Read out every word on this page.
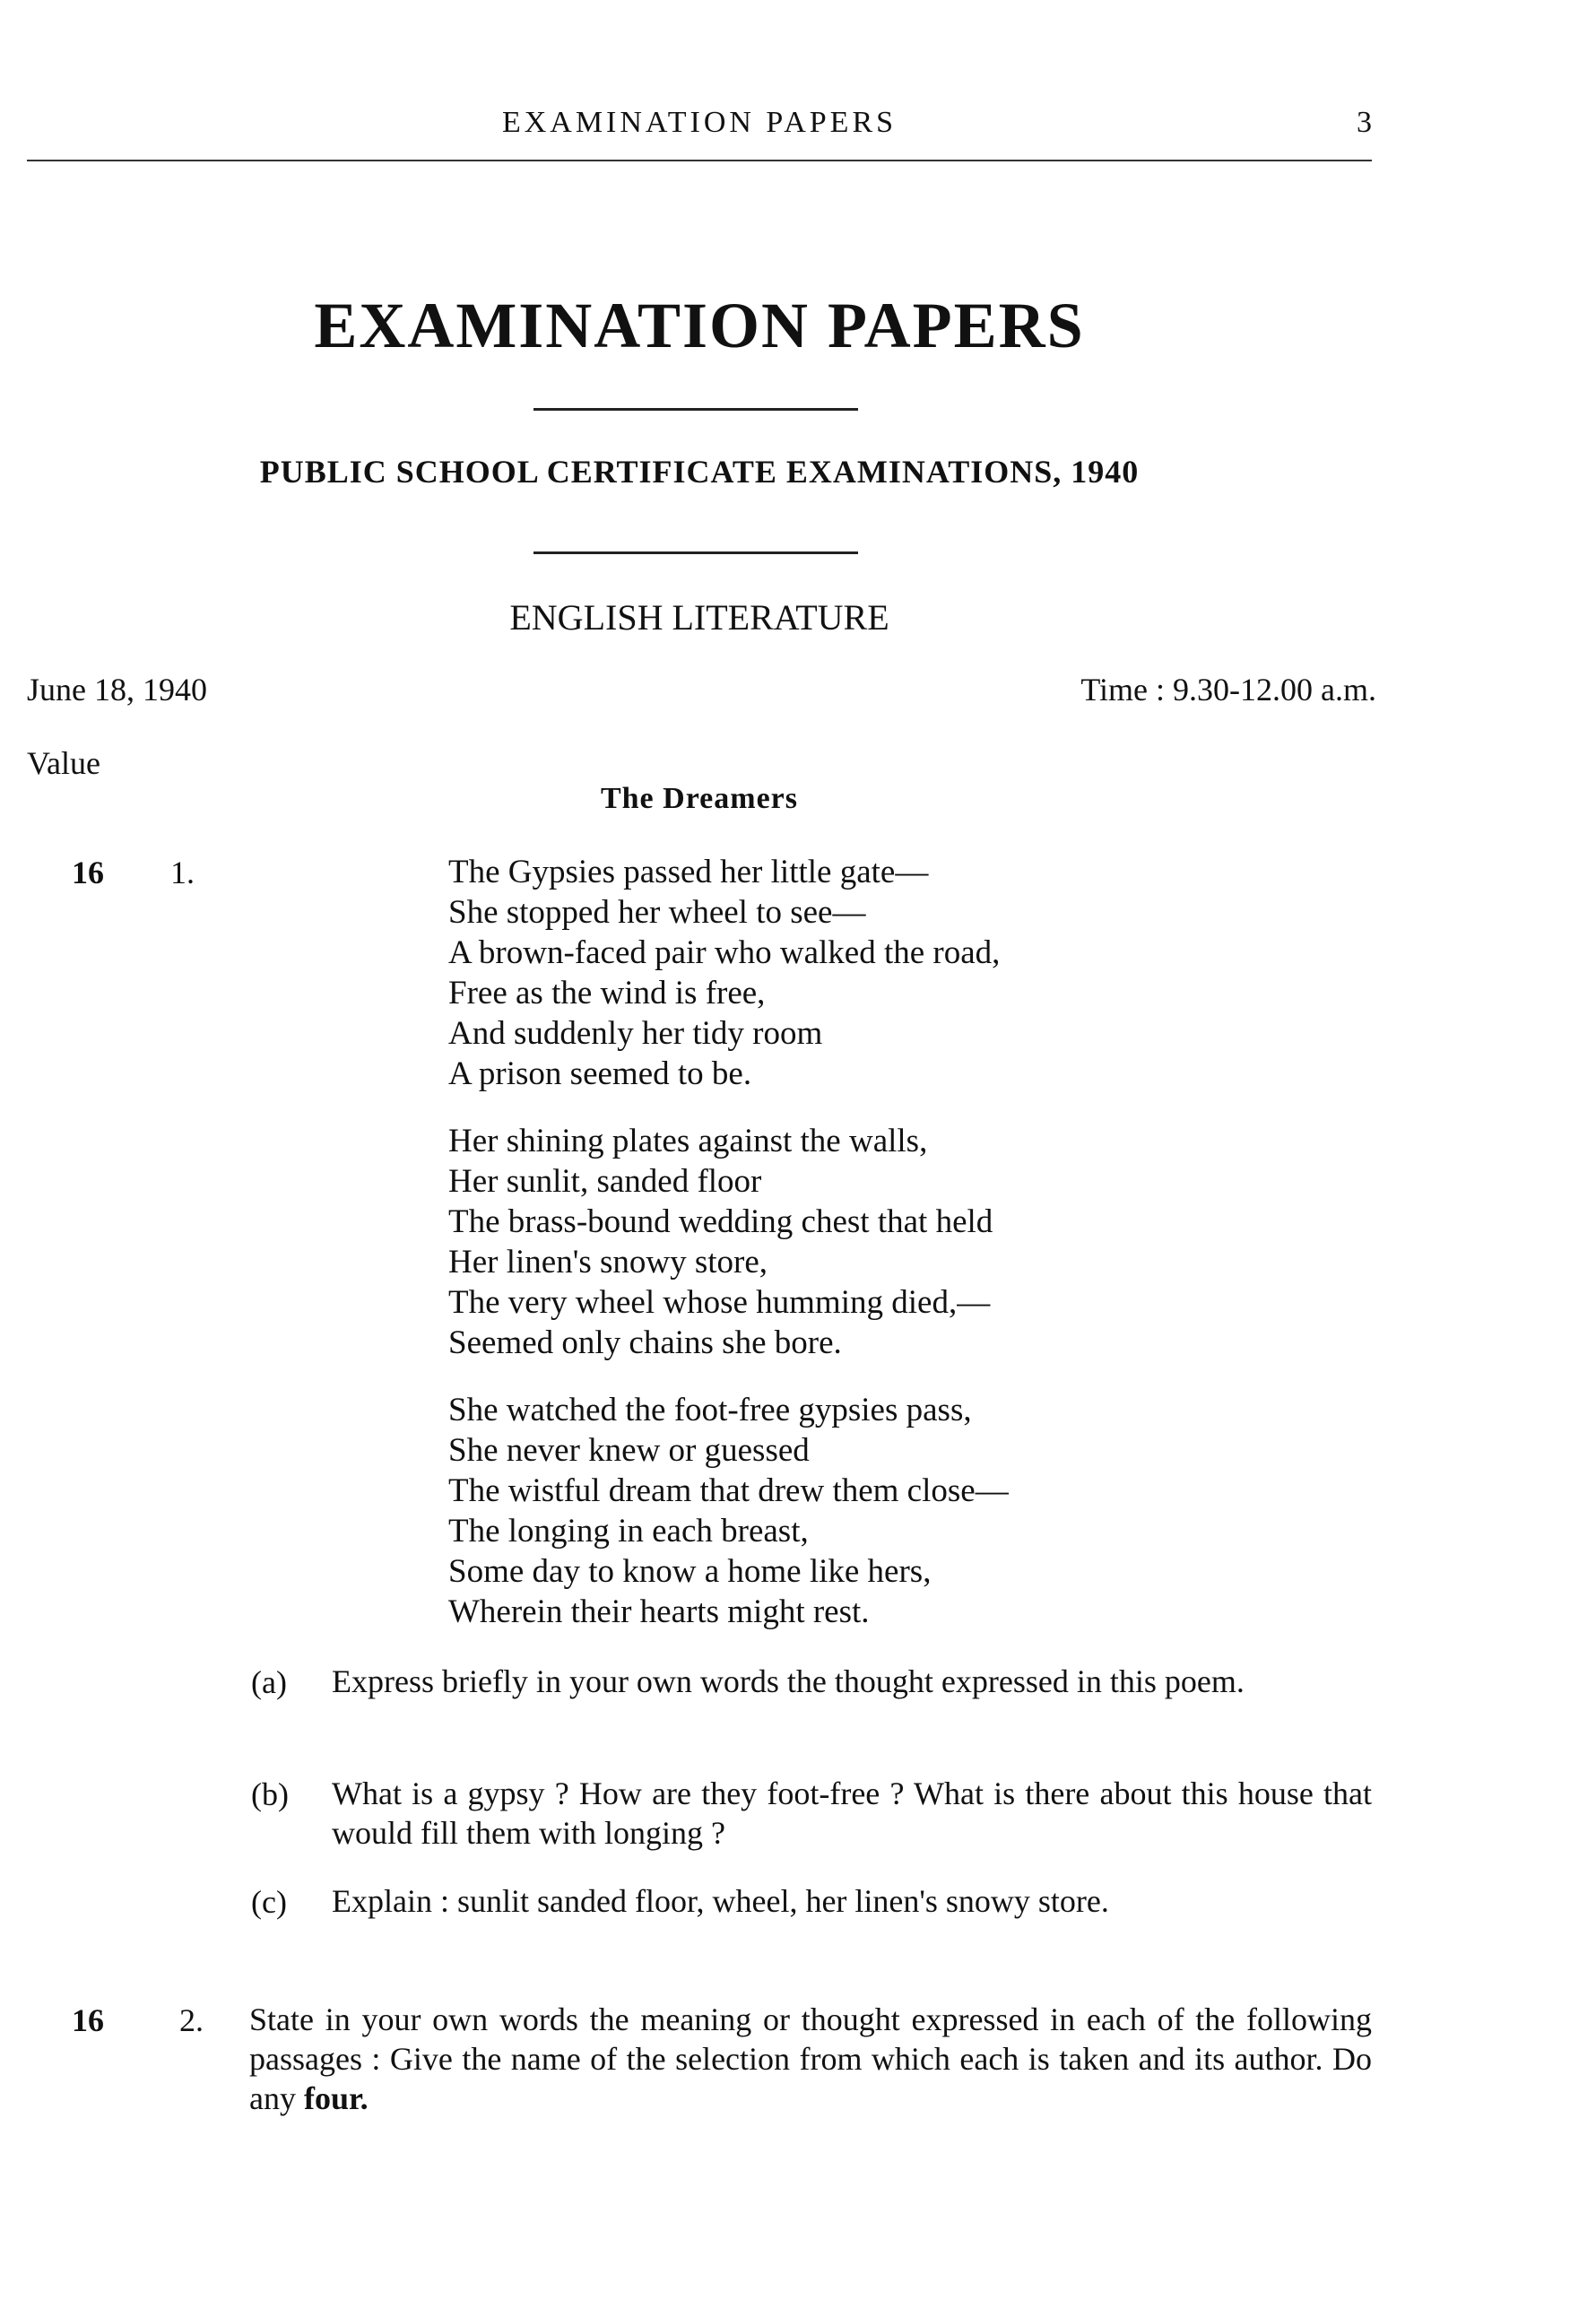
EXAMINATION PAPERS	3
EXAMINATION PAPERS
PUBLIC SCHOOL CERTIFICATE EXAMINATIONS, 1940
ENGLISH LITERATURE
June 18, 1940	Time : 9.30-12.00 a.m.
Value
The Dreamers
16 1.	The Gypsies passed her little gate—
She stopped her wheel to see—
A brown-faced pair who walked the road,
Free as the wind is free,
And suddenly her tidy room
A prison seemed to be.
Her shining plates against the walls,
Her sunlit, sanded floor
The brass-bound wedding chest that held
Her linen's snowy store,
The very wheel whose humming died,—
Seemed only chains she bore.
She watched the foot-free gypsies pass,
She never knew or guessed
The wistful dream that drew them close—
The longing in each breast,
Some day to know a home like hers,
Wherein their hearts might rest.
(a) Express briefly in your own words the thought expressed in this poem.
(b) What is a gypsy ? How are they foot-free ? What is there about this house that would fill them with longing ?
(c) Explain : sunlit sanded floor, wheel, her linen's snowy store.
16 2. State in your own words the meaning or thought expressed in each of the following passages : Give the name of the selection from which each is taken and its author. Do any four.
